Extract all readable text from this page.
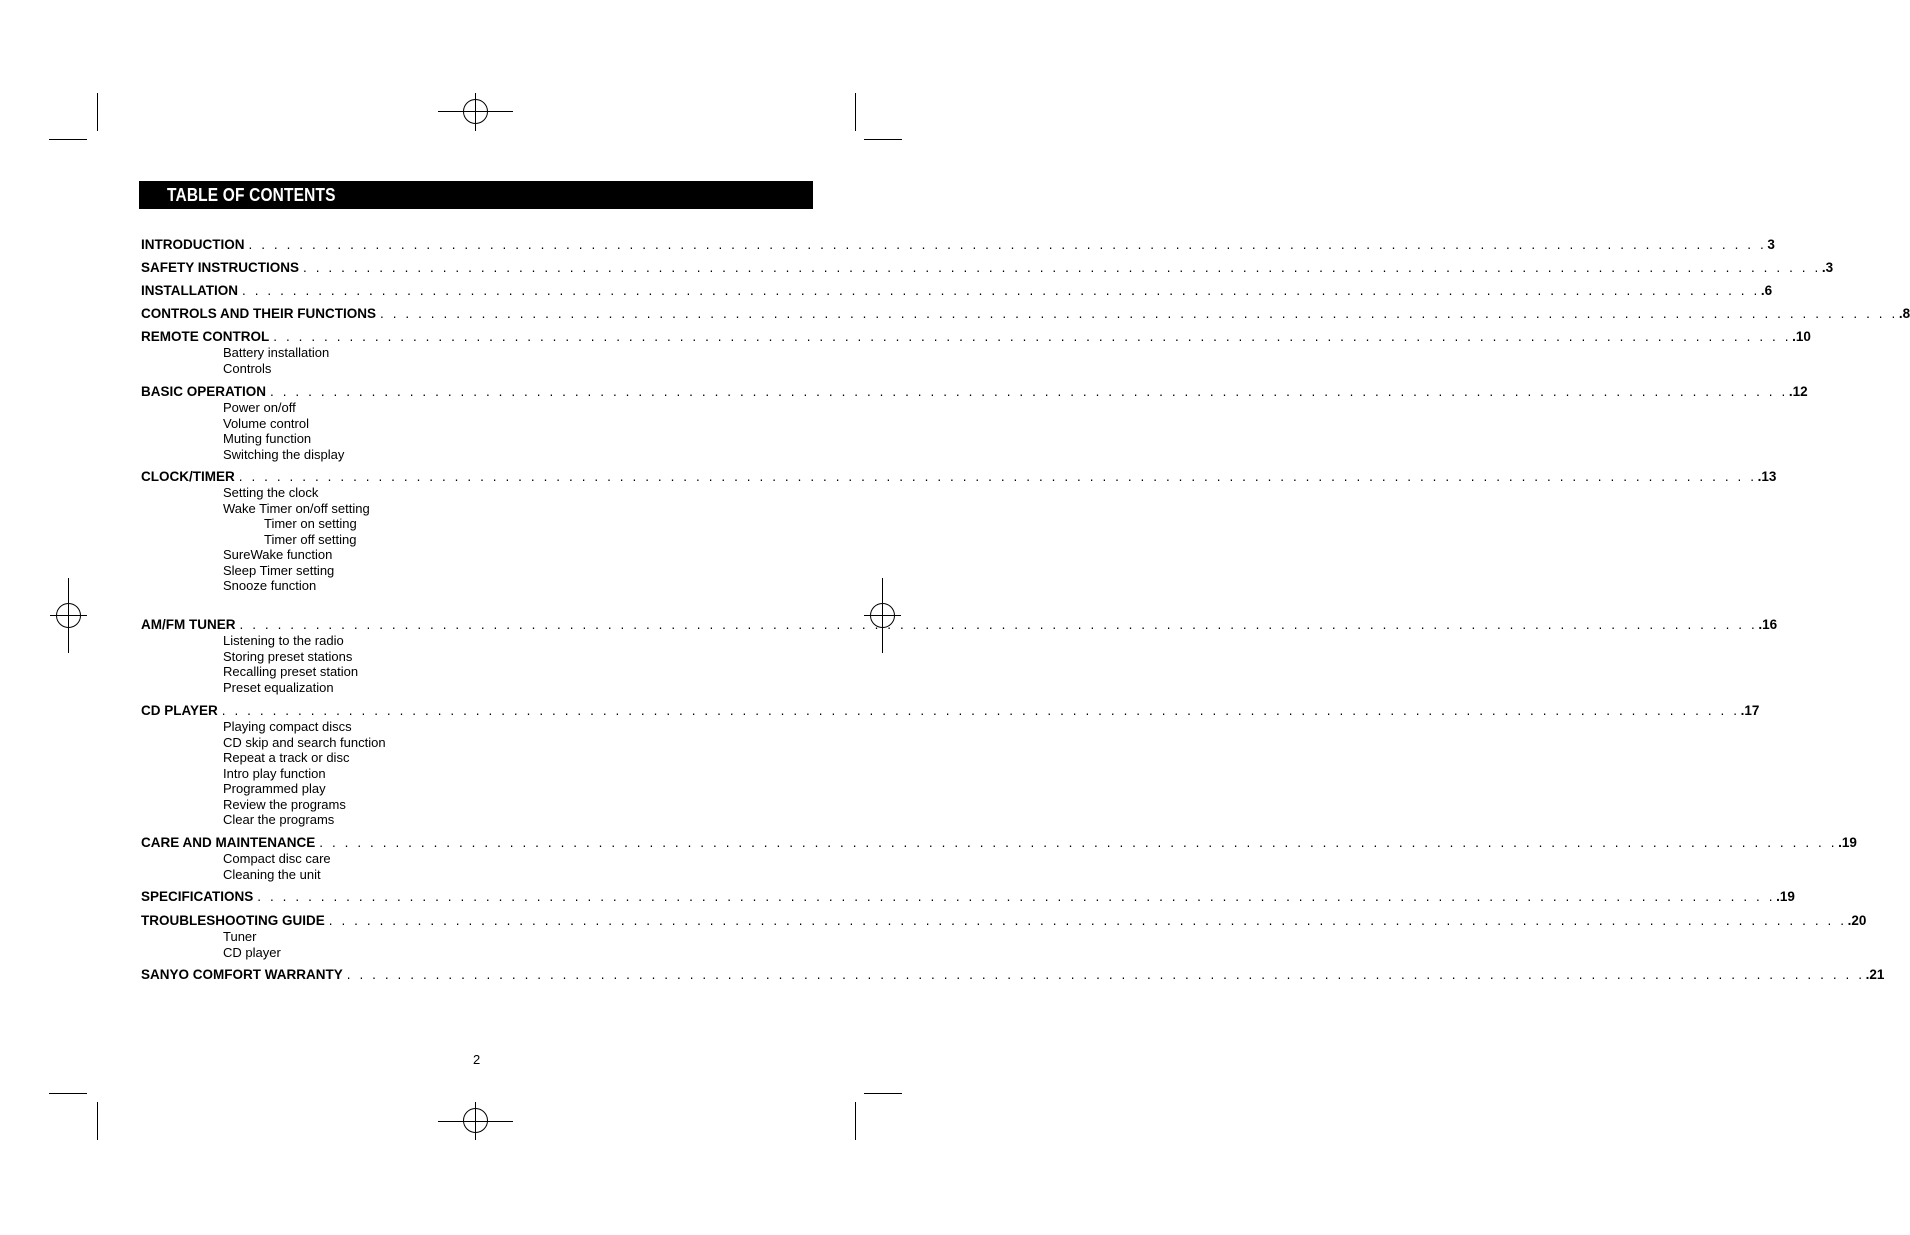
TABLE OF CONTENTS
INTRODUCTION . . . . . . . . . . . . . . . . . . . . . . . . . . . . . . . . . . . . . . . . . . . . . . . . . . . . . . . . . . . . . . . . . . . . . . . . . . . . . . . . . . . . . . . . . . . . . . . . . . . . . . . . . . . . . . . . . . . . . . . . 3
SAFETY INSTRUCTIONS . . . . . . . . . . . . . . . . . . . . . . . . . . . . . . . . . . . . . . . . . . . . . . . . . . . . . . . . . . . . . . . . . . . . . . . . . . . . . . . . . . . . . . . . . . . . . . . . . . . . . . . . . . . . . . . . . . . . . . . . .3
INSTALLATION . . . . . . . . . . . . . . . . . . . . . . . . . . . . . . . . . . . . . . . . . . . . . . . . . . . . . . . . . . . . . . . . . . . . . . . . . . . . . . . . . . . . . . . . . . . . . . . . . . . . . . . . . . . . . . . . . . . . . . . . .6
CONTROLS AND THEIR FUNCTIONS . . . . . . . . . . . . . . . . . . . . . . . . . . . . . . . . . . . . . . . . . . . . . . . . . . . . . . . . . . . . . . . . . . . . . . . . . . . . . . . . . . . . . . . . . . . . . . . . . . . . . . . . . . . . . . . . . . . . . . . . .8
REMOTE CONTROL . . . . . . . . . . . . . . . . . . . . . . . . . . . . . . . . . . . . . . . . . . . . . . . . . . . . . . . . . . . . . . . . . . . . . . . . . . . . . . . . . . . . . . . . . . . . . . . . . . . . . . . . . . . . . . . . . . . . . . . . .10
Battery installation
Controls
BASIC OPERATION . . . . . . . . . . . . . . . . . . . . . . . . . . . . . . . . . . . . . . . . . . . . . . . . . . . . . . . . . . . . . . . . . . . . . . . . . . . . . . . . . . . . . . . . . . . . . . . . . . . . . . . . . . . . . . . . . . . . . . . . .12
Power on/off
Volume control
Muting function
Switching the display
CLOCK/TIMER . . . . . . . . . . . . . . . . . . . . . . . . . . . . . . . . . . . . . . . . . . . . . . . . . . . . . . . . . . . . . . . . . . . . . . . . . . . . . . . . . . . . . . . . . . . . . . . . . . . . . . . . . . . . . . . . . . . . . . . . .13
Setting the clock
Wake Timer on/off setting
Timer on setting
Timer off setting
SureWake function
Sleep Timer setting
Snooze function
AM/FM TUNER . . . . . . . . . . . . . . . . . . . . . . . . . . . . . . . . . . . . . . . . . . . . . . . . . . . . . . . . . . . . . . . . . . . . . . . . . . . . . . . . . . . . . . . . . . . . . . . . . . . . . . . . . . . . . . . . . . . . . . . . .16
Listening to the radio
Storing preset stations
Recalling preset station
Preset equalization
CD PLAYER . . . . . . . . . . . . . . . . . . . . . . . . . . . . . . . . . . . . . . . . . . . . . . . . . . . . . . . . . . . . . . . . . . . . . . . . . . . . . . . . . . . . . . . . . . . . . . . . . . . . . . . . . . . . . . . . . . . . . . . . .17
Playing compact discs
CD skip and search function
Repeat a track or disc
Intro play function
Programmed play
Review the programs
Clear the programs
CARE AND MAINTENANCE . . . . . . . . . . . . . . . . . . . . . . . . . . . . . . . . . . . . . . . . . . . . . . . . . . . . . . . . . . . . . . . . . . . . . . . . . . . . . . . . . . . . . . . . . . . . . . . . . . . . . . . . . . . . . . . . . . . . . . . . .19
Compact disc care
Cleaning the unit
SPECIFICATIONS . . . . . . . . . . . . . . . . . . . . . . . . . . . . . . . . . . . . . . . . . . . . . . . . . . . . . . . . . . . . . . . . . . . . . . . . . . . . . . . . . . . . . . . . . . . . . . . . . . . . . . . . . . . . . . . . . . . . . . . . .19
TROUBLESHOOTING GUIDE . . . . . . . . . . . . . . . . . . . . . . . . . . . . . . . . . . . . . . . . . . . . . . . . . . . . . . . . . . . . . . . . . . . . . . . . . . . . . . . . . . . . . . . . . . . . . . . . . . . . . . . . . . . . . . . . . . . . . . . . .20
Tuner
CD player
SANYO COMFORT WARRANTY . . . . . . . . . . . . . . . . . . . . . . . . . . . . . . . . . . . . . . . . . . . . . . . . . . . . . . . . . . . . . . . . . . . . . . . . . . . . . . . . . . . . . . . . . . . . . . . . . . . . . . . . . . . . . . . . . . . . . . . . .21
2
